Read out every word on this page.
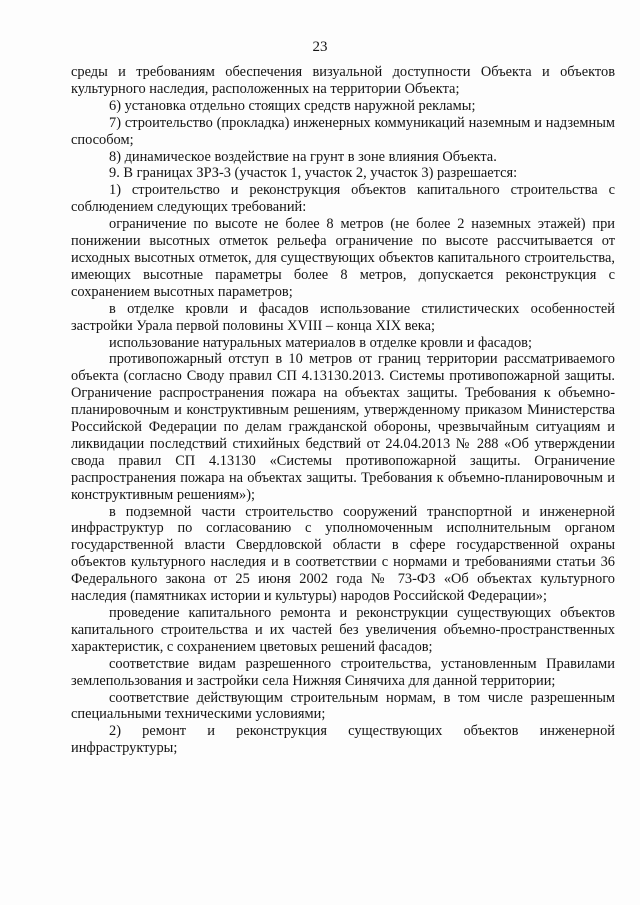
23

среды и требованиям обеспечения визуальной доступности Объекта и объектов культурного наследия, расположенных на территории Объекта;

6) установка отдельно стоящих средств наружной рекламы;

7) строительство (прокладка) инженерных коммуникаций наземным и надземным способом;

8) динамическое воздействие на грунт в зоне влияния Объекта.

9. В границах ЗРЗ-3 (участок 1, участок 2, участок 3) разрешается:

1) строительство и реконструкция объектов капитального строительства с соблюдением следующих требований:

ограничение по высоте не более 8 метров (не более 2 наземных этажей) при понижении высотных отметок рельефа ограничение по высоте рассчитывается от исходных высотных отметок, для существующих объектов капитального строительства, имеющих высотные параметры более 8 метров, допускается реконструкция с сохранением высотных параметров;

в отделке кровли и фасадов использование стилистических особенностей застройки Урала первой половины XVIII – конца XIX века;

использование натуральных материалов в отделке кровли и фасадов;

противопожарный отступ в 10 метров от границ территории рассматриваемого объекта (согласно Своду правил СП 4.13130.2013. Системы противопожарной защиты. Ограничение распространения пожара на объектах защиты. Требования к объемно-планировочным и конструктивным решениям, утвержденному приказом Министерства Российской Федерации по делам гражданской обороны, чрезвычайным ситуациям и ликвидации последствий стихийных бедствий от 24.04.2013 № 288 «Об утверждении свода правил СП 4.13130 «Системы противопожарной защиты. Ограничение распространения пожара на объектах защиты. Требования к объемно-планировочным и конструктивным решениям»);

в подземной части строительство сооружений транспортной и инженерной инфраструктур по согласованию с уполномоченным исполнительным органом государственной власти Свердловской области в сфере государственной охраны объектов культурного наследия и в соответствии с нормами и требованиями статьи 36 Федерального закона от 25 июня 2002 года № 73-ФЗ «Об объектах культурного наследия (памятниках истории и культуры) народов Российской Федерации»;

проведение капитального ремонта и реконструкции существующих объектов капитального строительства и их частей без увеличения объемно-пространственных характеристик, с сохранением цветовых решений фасадов;

соответствие видам разрешенного строительства, установленным Правилами землепользования и застройки села Нижняя Синячиха для данной территории;

соответствие действующим строительным нормам, в том числе разрешенным специальными техническими условиями;

2) ремонт и реконструкция существующих объектов инженерной инфраструктуры;
